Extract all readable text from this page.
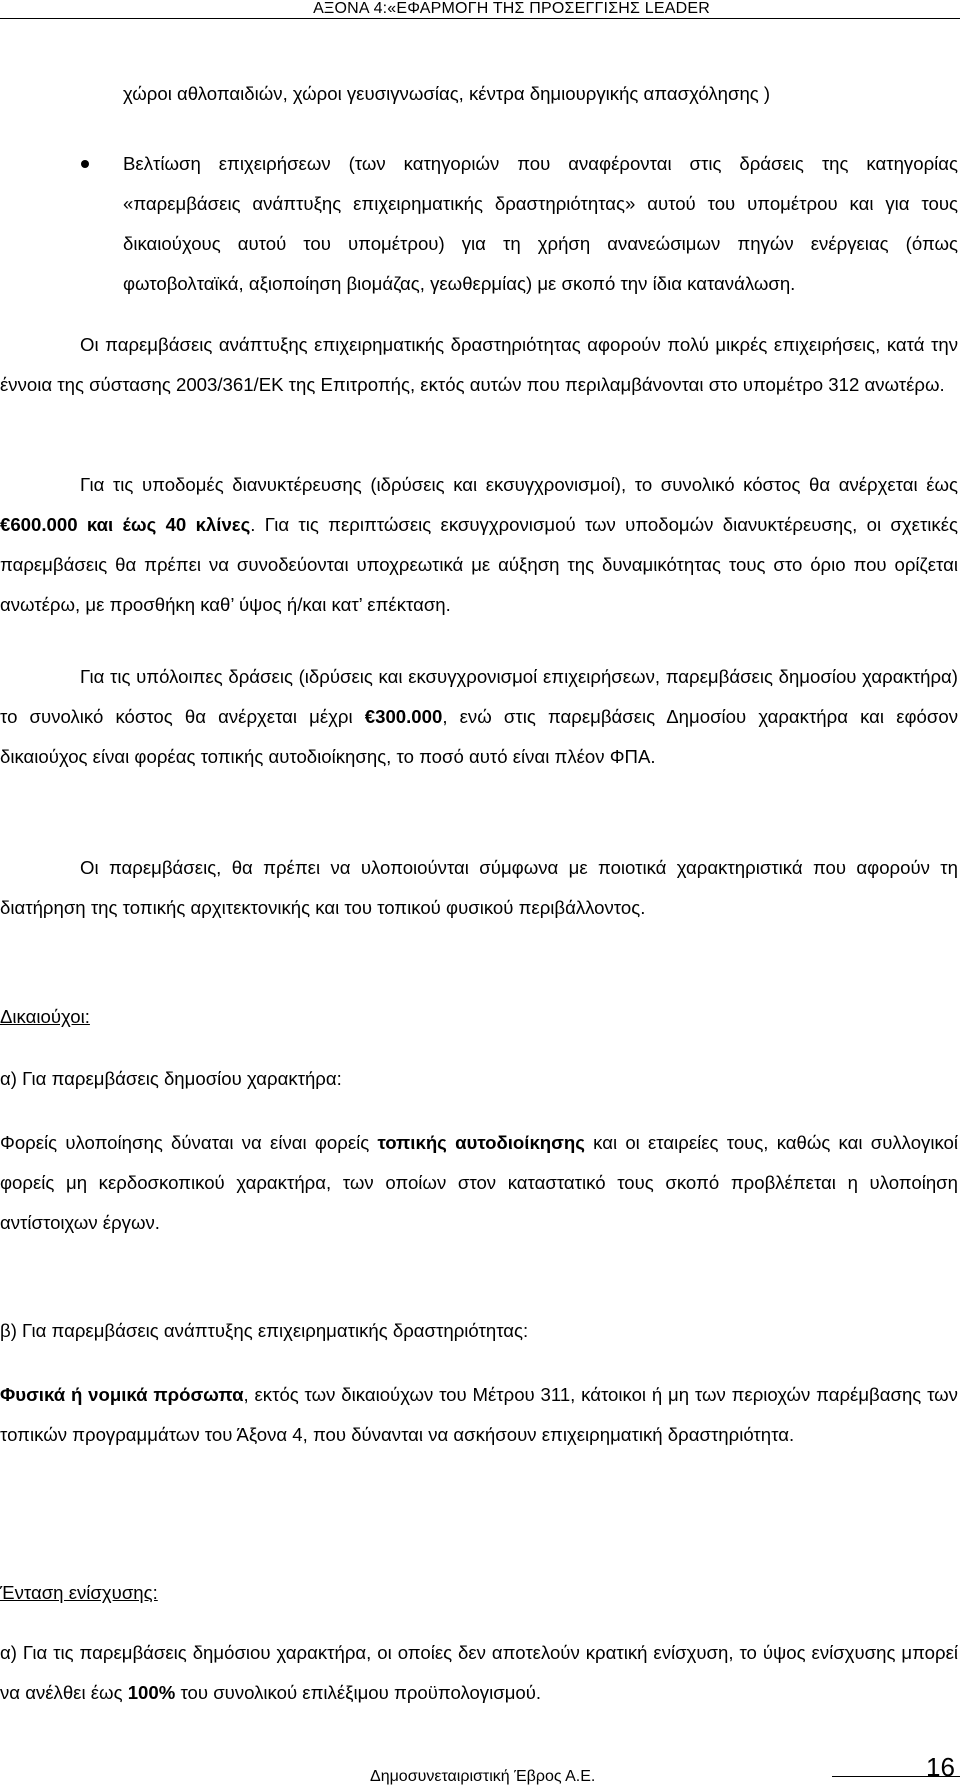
ΑΞΟΝΑ 4:«ΕΦΑΡΜΟΓΗ ΤΗΣ ΠΡΟΣΕΓΓΙΣΗΣ LEADER
χώροι αθλοπαιδιών, χώροι γευσιγνωσίας, κέντρα δημιουργικής απασχόλησης )
Βελτίωση επιχειρήσεων (των κατηγοριών που αναφέρονται στις δράσεις της κατηγορίας «παρεμβάσεις ανάπτυξης επιχειρηματικής δραστηριότητας» αυτού του υπομέτρου και για τους δικαιούχους αυτού του υπομέτρου) για τη χρήση ανανεώσιμων πηγών ενέργειας (όπως φωτοβολταϊκά, αξιοποίηση βιομάζας, γεωθερμίας) με σκοπό την ίδια κατανάλωση.
Οι παρεμβάσεις ανάπτυξης επιχειρηματικής δραστηριότητας αφορούν πολύ μικρές επιχειρήσεις, κατά την έννοια της σύστασης 2003/361/ΕΚ της Επιτροπής, εκτός αυτών που περιλαμβάνονται στο υπομέτρο 312 ανωτέρω.
Για τις υποδομές διανυκτέρευσης (ιδρύσεις και εκσυγχρονισμοί), το συνολικό κόστος θα ανέρχεται έως €600.000 και έως 40 κλίνες. Για τις περιπτώσεις εκσυγχρονισμού των υποδομών διανυκτέρευσης, οι σχετικές παρεμβάσεις θα πρέπει να συνοδεύονται υποχρεωτικά με αύξηση της δυναμικότητας τους στο όριο που ορίζεται ανωτέρω, με προσθήκη καθ’ ύψος ή/και κατ’ επέκταση.
Για τις υπόλοιπες δράσεις (ιδρύσεις και εκσυγχρονισμοί επιχειρήσεων, παρεμβάσεις δημοσίου χαρακτήρα) το συνολικό κόστος θα ανέρχεται μέχρι €300.000, ενώ στις παρεμβάσεις Δημοσίου χαρακτήρα και εφόσον δικαιούχος είναι φορέας τοπικής αυτοδιοίκησης, το ποσό αυτό είναι πλέον ΦΠΑ.
Οι παρεμβάσεις, θα πρέπει να υλοποιούνται σύμφωνα με ποιοτικά χαρακτηριστικά που αφορούν τη διατήρηση της τοπικής αρχιτεκτονικής και του τοπικού φυσικού περιβάλλοντος.
Δικαιούχοι:
α) Για παρεμβάσεις δημοσίου χαρακτήρα:
Φορείς υλοποίησης δύναται να είναι φορείς τοπικής αυτοδιοίκησης και οι εταιρείες τους, καθώς και συλλογικοί φορείς μη κερδοσκοπικού χαρακτήρα, των οποίων στον καταστατικό τους σκοπό προβλέπεται η υλοποίηση αντίστοιχων έργων.
β) Για παρεμβάσεις ανάπτυξης επιχειρηματικής δραστηριότητας:
Φυσικά ή νομικά πρόσωπα, εκτός των δικαιούχων του Μέτρου 311, κάτοικοι ή μη των περιοχών παρέμβασης των τοπικών προγραμμάτων του Άξονα 4, που δύνανται να ασκήσουν επιχειρηματική δραστηριότητα.
Ένταση ενίσχυσης:
α) Για τις παρεμβάσεις δημόσιου χαρακτήρα, οι οποίες δεν αποτελούν κρατική ενίσχυση, το ύψος ενίσχυσης μπορεί να ανέλθει έως 100% του συνολικού επιλέξιμου προϋπολογισμού.
16
Δημοσυνεταιριστική Έβρος Α.Ε.
